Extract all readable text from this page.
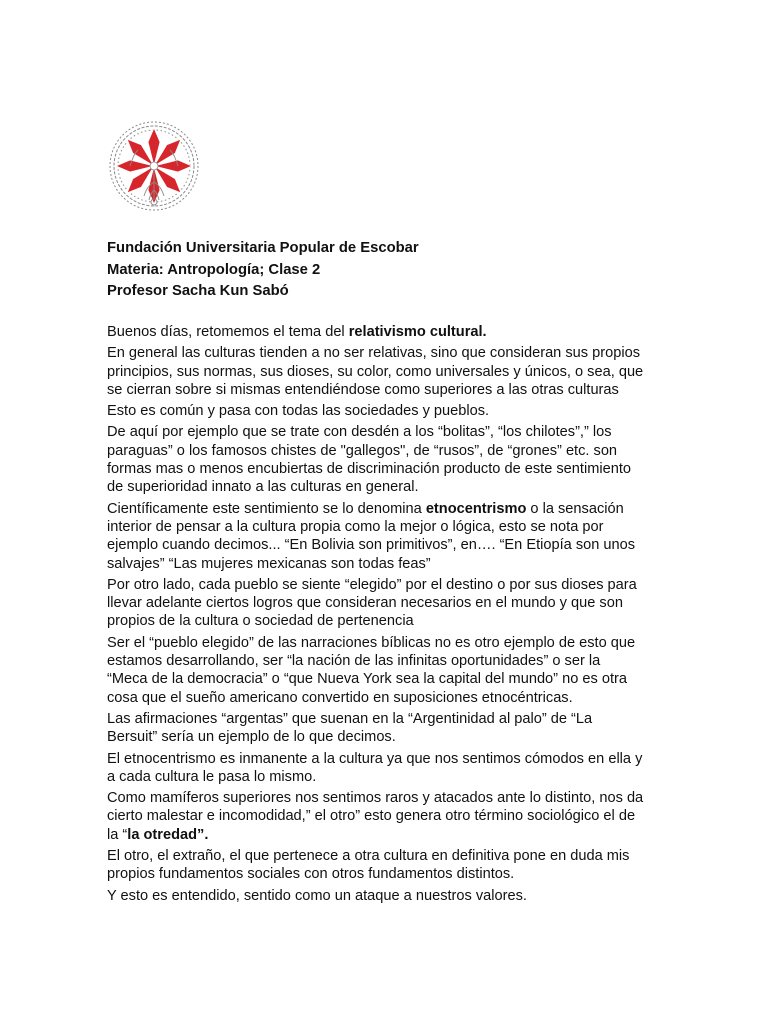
Fundación Universitaria Popular de Escobar
Materia: Antropología; Clase 2
Profesor Sacha Kun Sabó

Buenos días, retomemos el tema del relativismo cultural.

En general las culturas tienden a no ser relativas, sino que consideran sus propios
principios, sus normas, sus dioses, su color, como universales y únicos, o sea, que
se cierran sobre si mismas entendiéndose como superiores a las otras culturas

Esto es común y pasa con todas las sociedades y pueblos.

De aquí por ejemplo que se trate con desdén a los “bolitas”, “los chilotes”,” los
paraguas” o los famosos chistes de "gallegos", de “rusos”, de “grones” etc. son
formas mas o menos encubiertas de discriminación producto de este sentimiento
de superioridad innato a las culturas en general.

Científicamente este sentimiento se lo denomina etnocentrismo o la sensación
interior de pensar a la cultura propia como la mejor o lógica, esto se nota por
ejemplo cuando decimos... “En Bolivia son primitivos”, en…. “En Etiopía son unos
salvajes” “Las mujeres mexicanas son todas feas”

Por otro lado, cada pueblo se siente “elegido” por el destino o por sus dioses para
llevar adelante ciertos logros que consideran necesarios en el mundo y que son
propios de la cultura o sociedad de pertenencia

Ser el “pueblo elegido” de las narraciones bíblicas no es otro ejemplo de esto que
estamos desarrollando, ser “la nación de las infinitas oportunidades” o ser la
“Meca de la democracia” o “que Nueva York sea la capital del mundo” no es otra
cosa que el sueño americano convertido en suposiciones etnocéntricas.

Las afirmaciones “argentas” que suenan en la “Argentinidad al palo” de “La
Bersuit” sería un ejemplo de lo que decimos.

El etnocentrismo es inmanente a la cultura ya que nos sentimos cómodos en ella y
a cada cultura le pasa lo mismo.

Como mamíferos superiores nos sentimos raros y atacados ante lo distinto, nos da
cierto malestar e incomodidad,” el otro” esto genera otro término sociológico el de
la “la otredad”.

El otro, el extraño, el que pertenece a otra cultura en definitiva pone en duda mis
propios fundamentos sociales con otros fundamentos distintos.

Y esto es entendido, sentido como un ataque a nuestros valores.
